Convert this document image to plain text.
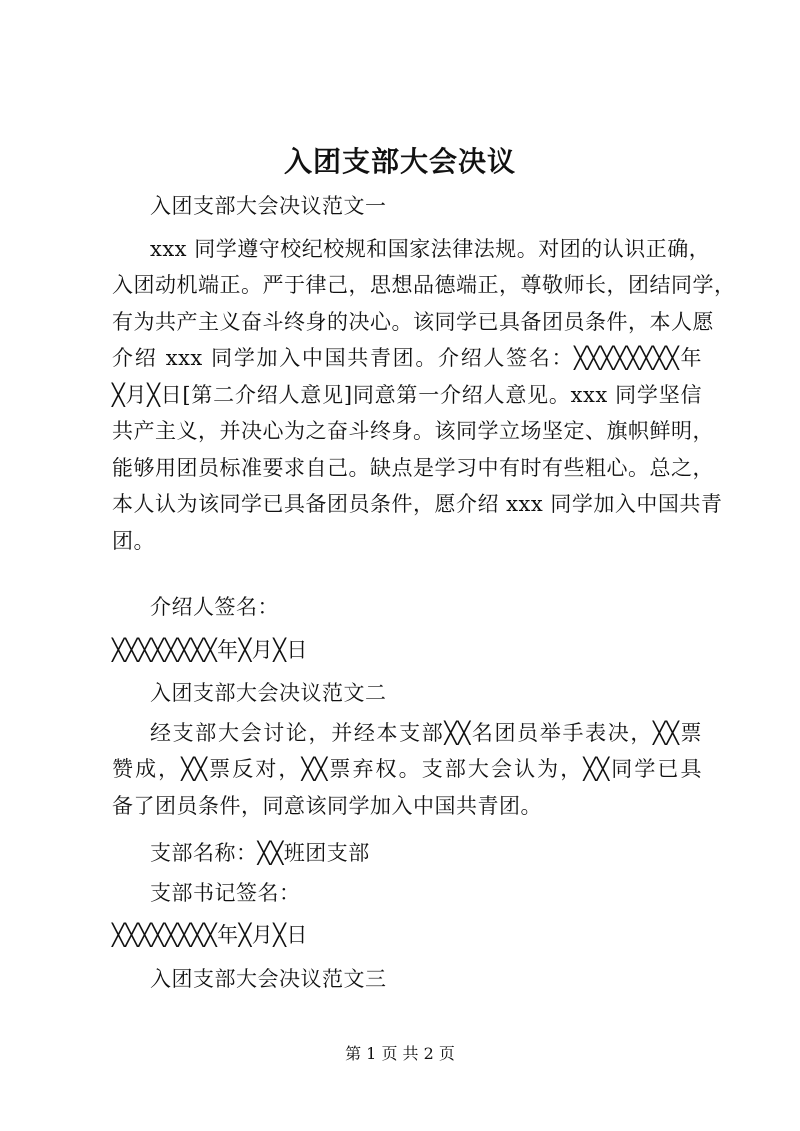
入团支部大会决议
入团支部大会决议范文一
xxx 同学遵守校纪校规和国家法律法规。对团的认识正确，
入团动机端正。严于律己，思想品德端正，尊敬师长，团结同学，
有为共产主义奋斗终身的决心。该同学已具备团员条件，本人愿
介绍 xxx 同学加入中国共青团。介绍人签名：╳╳╳╳╳╳╳╳年
╳月╳日[第二介绍人意见]同意第一介绍人意见。xxx 同学坚信
共产主义，并决心为之奋斗终身。该同学立场坚定、旗帜鲜明，
能够用团员标准要求自己。缺点是学习中有时有些粗心。总之，
本人认为该同学已具备团员条件，愿介绍 xxx 同学加入中国共青
团。
介绍人签名：
╳╳╳╳╳╳╳╳年╳月╳日
入团支部大会决议范文二
经支部大会讨论，并经本支部╳╳名团员举手表决，╳╳票
赞成，╳╳票反对，╳╳票弃权。支部大会认为，╳╳同学已具
备了团员条件，同意该同学加入中国共青团。
支部名称：╳╳班团支部
支部书记签名：
╳╳╳╳╳╳╳╳年╳月╳日
入团支部大会决议范文三
第 1 页 共 2 页
